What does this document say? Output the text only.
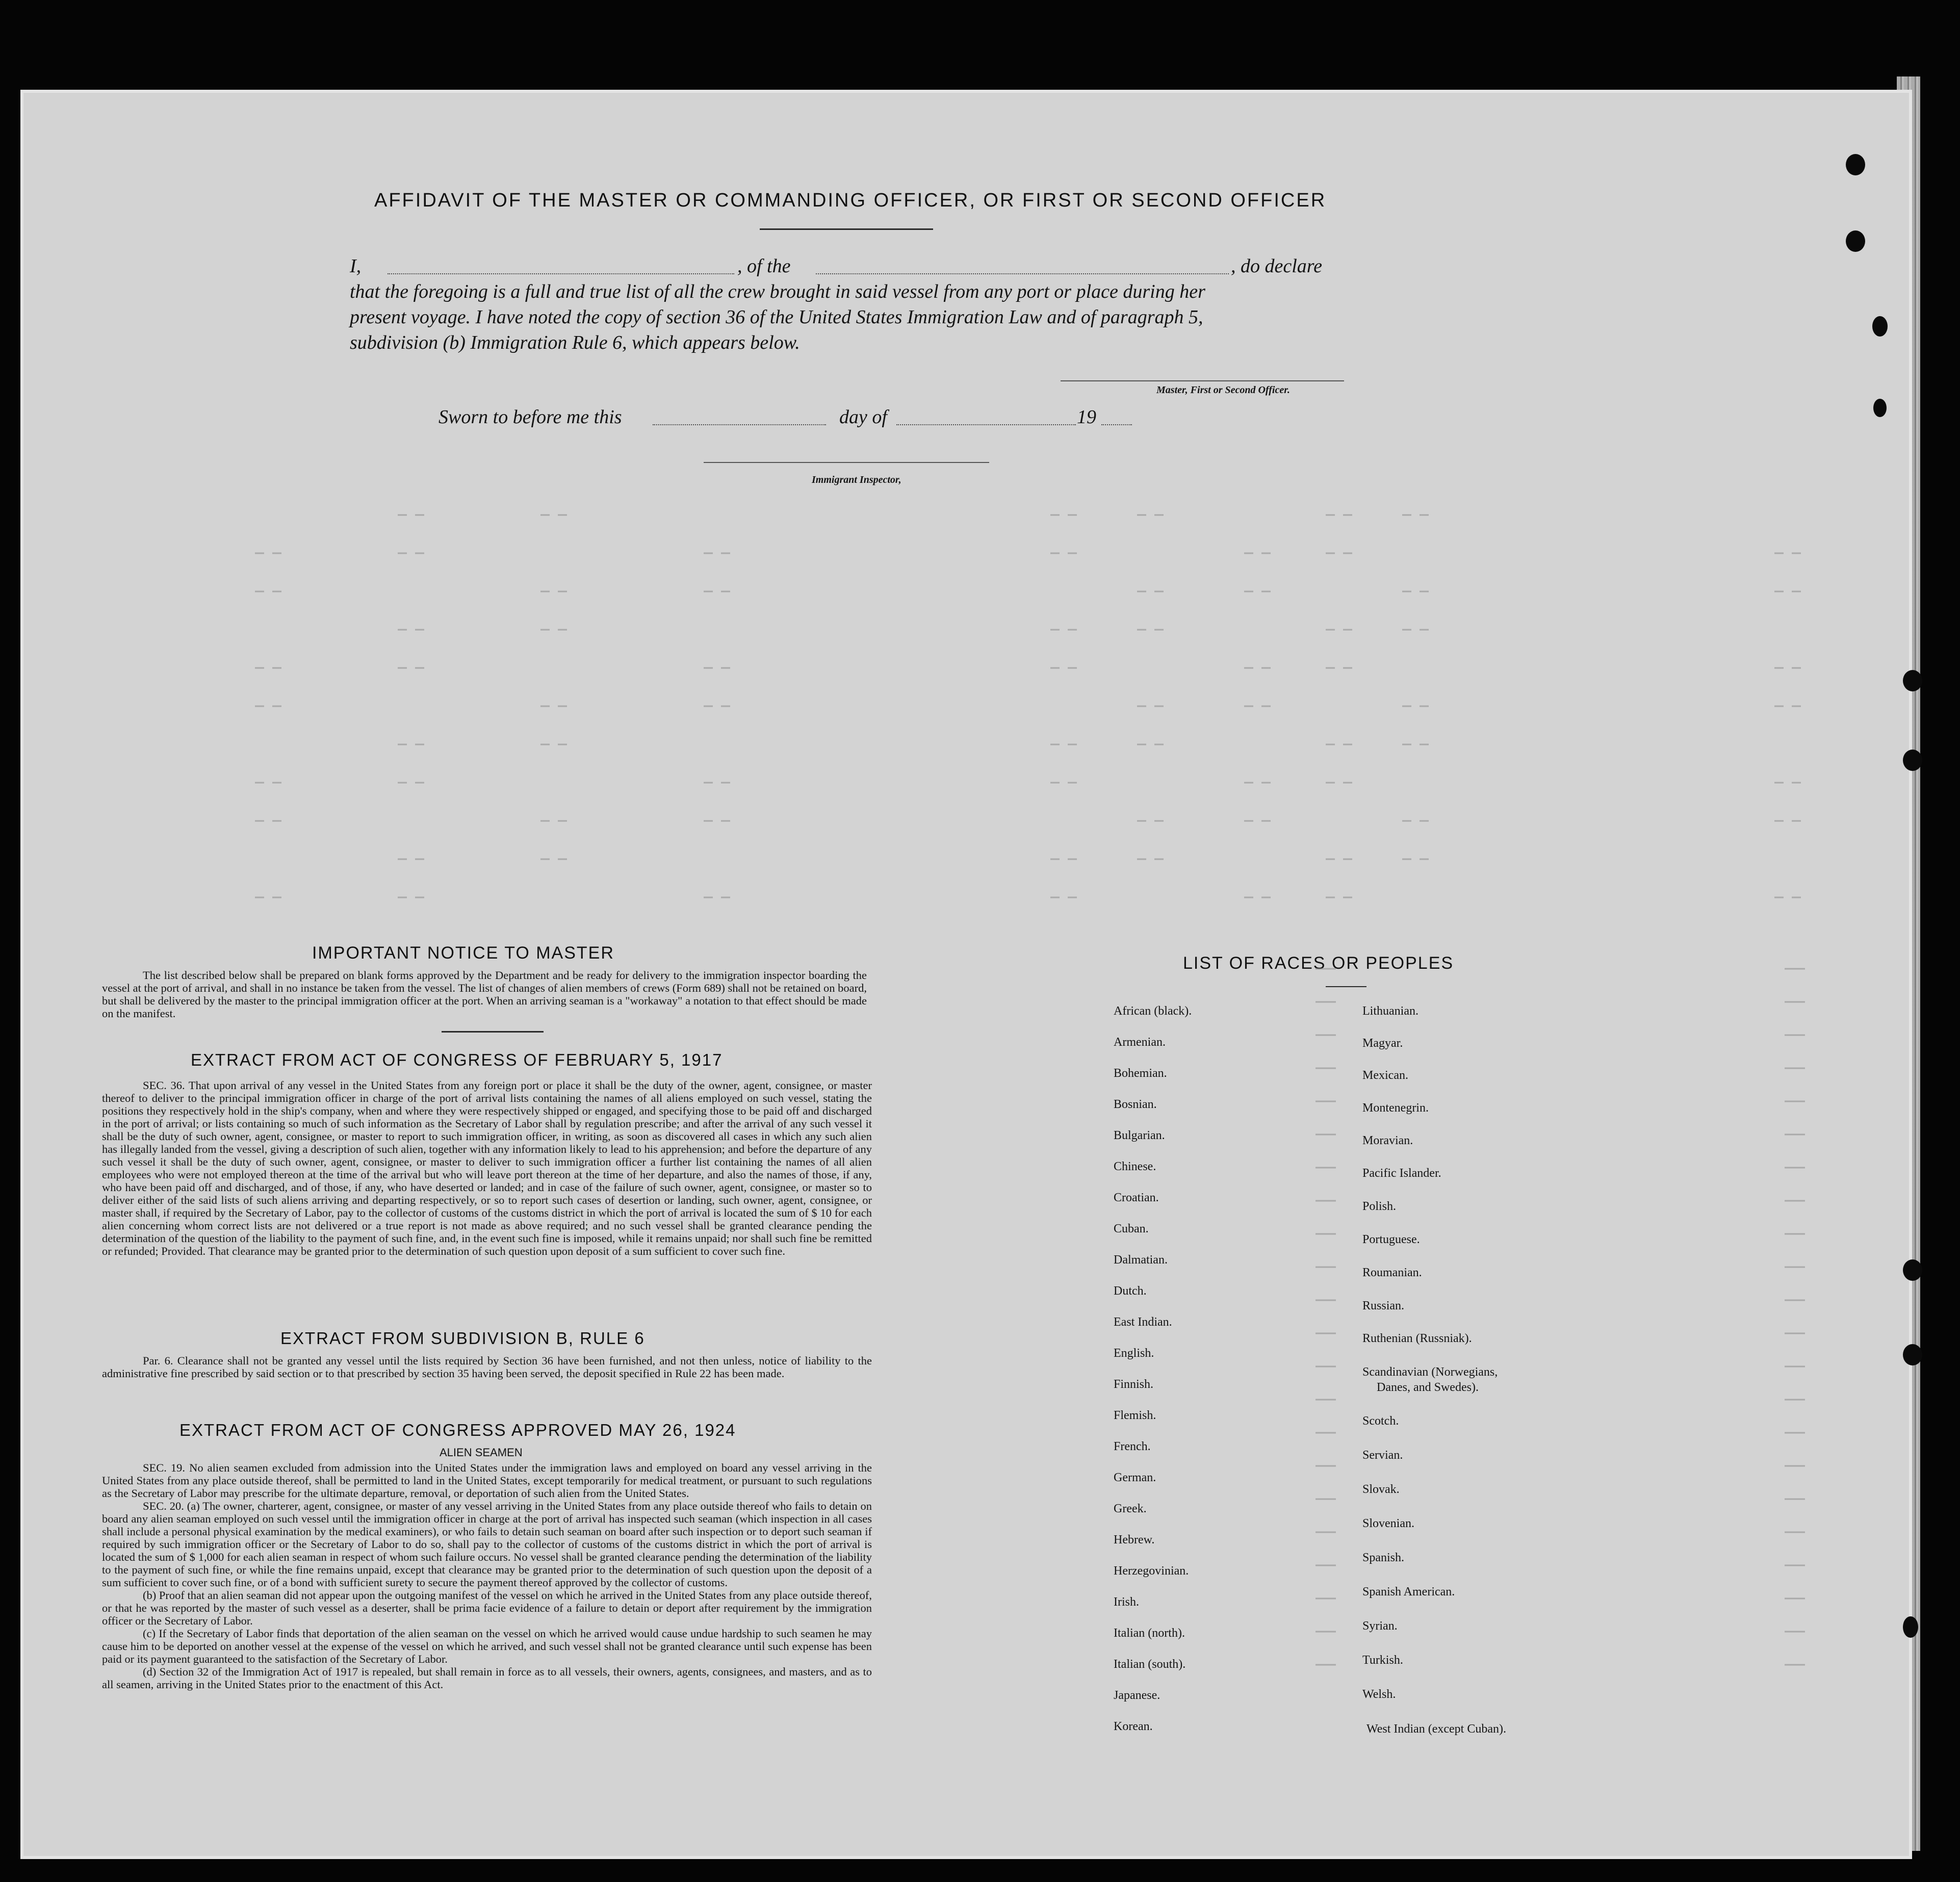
AFFIDAVIT OF THE MASTER OR COMMANDING OFFICER, OR FIRST OR SECOND OFFICER
I,	, of the	, do declare
that the foregoing is a full and true list of all the crew brought in said vessel from any port or place during her
present voyage. I have noted the copy of section 36 of the United States Immigration Law and of paragraph 5,
subdivision (b) Immigration Rule 6, which appears below.
Master, First or Second Officer.
Sworn to before me this	day of	19
Immigrant Inspector,
IMPORTANT NOTICE TO MASTER

The list described below shall be prepared on blank forms approved by the Department and be ready for delivery to the immigration inspector boarding the vessel at the port of arrival, and shall in no instance be taken from the vessel. The list of changes of alien members of crews (Form 689) shall not be retained on board, but shall be delivered by the master to the principal immigration officer at the port. When an arriving seaman is a "workaway" a notation to that effect should be made on the manifest.

EXTRACT FROM ACT OF CONGRESS OF FEBRUARY 5, 1917

SEC. 36. That upon arrival of any vessel in the United States from any foreign port or place it shall be the duty of the owner, agent, consignee, or master thereof to deliver to the principal immigration officer in charge of the port of arrival lists containing the names of all aliens employed on such vessel, stating the positions they respectively hold in the ship's company, when and where they were respectively shipped or engaged, and specifying those to be paid off and discharged in the port of arrival; or lists containing so much of such information as the Secretary of Labor shall by regulation prescribe; and after the arrival of any such vessel it shall be the duty of such owner, agent, consignee, or master to report to such immigration officer, in writing, as soon as discovered all cases in which any such alien has illegally landed from the vessel, giving a description of such alien, together with any information likely to lead to his apprehension; and before the departure of any such vessel it shall be the duty of such owner, agent, consignee, or master to deliver to such immigration officer a further list containing the names of all alien employees who were not employed thereon at the time of the arrival but who will leave port thereon at the time of her departure, and also the names of those, if any, who have been paid off and discharged, and of those, if any, who have deserted or landed; and in case of the failure of such owner, agent, consignee, or master so to deliver either of the said lists of such aliens arriving and departing respectively, or so to report such cases of desertion or landing, such owner, agent, consignee, or master shall, if required by the Secretary of Labor, pay to the collector of customs of the customs district in which the port of arrival is located the sum of $ 10 for each alien concerning whom correct lists are not delivered or a true report is not made as above required; and no such vessel shall be granted clearance pending the determination of the question of the liability to the payment of such fine, and, in the event such fine is imposed, while it remains unpaid; nor shall such fine be remitted or refunded; Provided. That clearance may be granted prior to the determination of such question upon deposit of a sum sufficient to cover such fine.

EXTRACT FROM SUBDIVISION B, RULE 6

Par. 6. Clearance shall not be granted any vessel until the lists required by Section 36 have been furnished, and not then unless, notice of liability to the administrative fine prescribed by said section or to that prescribed by section 35 having been served, the deposit specified in Rule 22 has been made.

EXTRACT FROM ACT OF CONGRESS APPROVED MAY 26, 1924
ALIEN SEAMEN

SEC. 19. No alien seamen excluded from admission into the United States under the immigration laws and employed on board any vessel arriving in the United States from any place outside thereof, shall be permitted to land in the United States, except temporarily for medical treatment, or pursuant to such regulations as the Secretary of Labor may prescribe for the ultimate departure, removal, or deportation of such alien from the United States.

SEC. 20. (a) The owner, charterer, agent, consignee, or master of any vessel arriving in the United States from any place outside thereof who fails to detain on board any alien seaman employed on such vessel until the immigration officer in charge at the port of arrival has inspected such seaman (which inspection in all cases shall include a personal physical examination by the medical examiners), or who fails to detain such seaman on board after such inspection or to deport such seaman if required by such immigration officer or the Secretary of Labor to do so, shall pay to the collector of customs of the customs district in which the port of arrival is located the sum of $ 1,000 for each alien seaman in respect of whom such failure occurs. No vessel shall be granted clearance pending the determination of the liability to the payment of such fine, or while the fine remains unpaid, except that clearance may be granted prior to the determination of such question upon the deposit of a sum sufficient to cover such fine, or of a bond with sufficient surety to secure the payment thereof approved by the collector of customs.

(b) Proof that an alien seaman did not appear upon the outgoing manifest of the vessel on which he arrived in the United States from any place outside thereof, or that he was reported by the master of such vessel as a deserter, shall be prima facie evidence of a failure to detain or deport after requirement by the immigration officer or the Secretary of Labor.

(c) If the Secretary of Labor finds that deportation of the alien seaman on the vessel on which he arrived would cause undue hardship to such seamen he may cause him to be deported on another vessel at the expense of the vessel on which he arrived, and such vessel shall not be granted clearance until such expense has been paid or its payment guaranteed to the satisfaction of the Secretary of Labor.

(d) Section 32 of the Immigration Act of 1917 is repealed, but shall remain in force as to all vessels, their owners, agents, consignees, and masters, and as to all seamen, arriving in the United States prior to the enactment of this Act.

LIST OF RACES OR PEOPLES
African (black).
Armenian.
Bohemian.
Bosnian.
Bulgarian.
Chinese.
Croatian.
Cuban.
Dalmatian.
Dutch.
East Indian.
English.
Finnish.
Flemish.
French.
German.
Greek.
Hebrew.
Herzegovinian.
Irish.
Italian (north).
Italian (south).
Japanese.
Korean.
Lithuanian.
Magyar.
Mexican.
Montenegrin.
Moravian.
Pacific Islander.
Polish.
Portuguese.
Roumanian.
Russian.
Ruthenian (Russniak).
Scandinavian (Norwegians,
Danes, and Swedes).
Scotch.
Servian.
Slovak.
Slovenian.
Spanish.
Spanish American.
Syrian.
Turkish.
Welsh.
West Indian (except Cuban).
